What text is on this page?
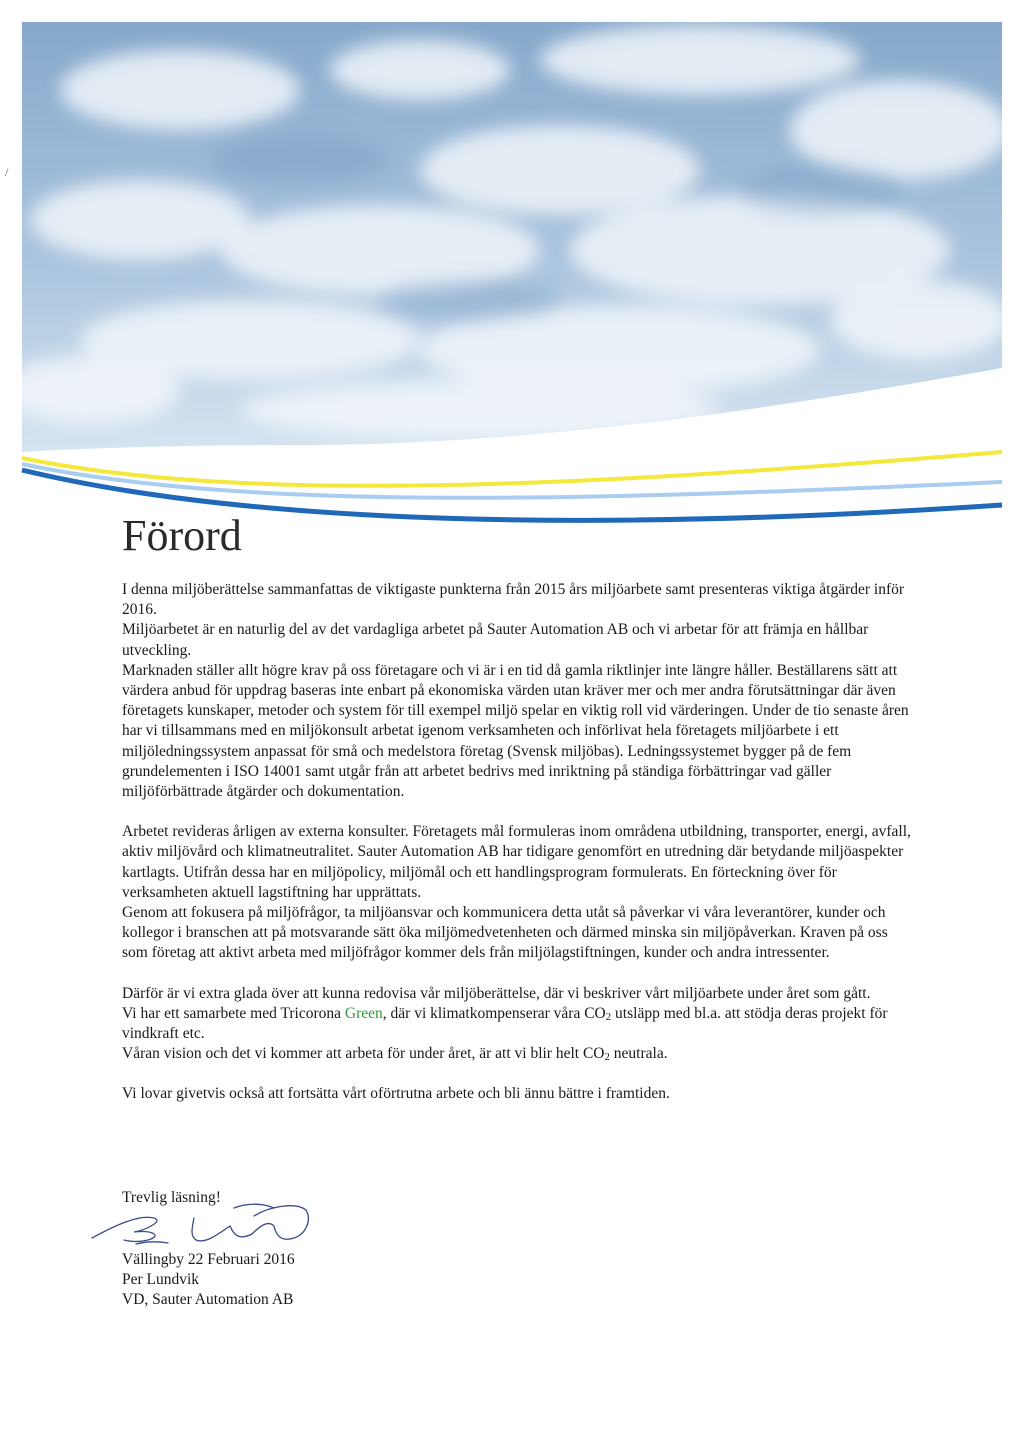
/
Förord

I denna miljöberättelse sammanfattas de viktigaste punkterna från 2015 års miljöarbete samt presenteras viktiga åtgärder inför 2016.

Miljöarbetet är en naturlig del av det vardagliga arbetet på Sauter Automation AB och vi arbetar för att främja en hållbar utveckling.

Marknaden ställer allt högre krav på oss företagare och vi är i en tid då gamla riktlinjer inte längre håller. Beställarens sätt att värdera anbud för uppdrag baseras inte enbart på ekonomiska värden utan kräver mer och mer andra förutsättningar där även företagets kunskaper, metoder och system för till exempel miljö spelar en viktig roll vid värderingen. Under de tio senaste åren har vi tillsammans med en miljökonsult arbetat igenom verksamheten och införlivat hela företagets miljöarbete i ett miljöledningssystem anpassat för små och medelstora företag (Svensk miljöbas). Ledningssystemet bygger på de fem grundelementen i ISO 14001 samt utgår från att arbetet bedrivs med inriktning på ständiga förbättringar vad gäller miljöförbättrade åtgärder och dokumentation.

Arbetet revideras årligen av externa konsulter. Företagets mål formuleras inom områdena utbildning, transporter, energi, avfall, aktiv miljövård och klimatneutralitet. Sauter Automation AB har tidigare genomfört en utredning där betydande miljöaspekter kartlagts. Utifrån dessa har en miljöpolicy, miljömål och ett handlingsprogram formulerats. En förteckning över för verksamheten aktuell lagstiftning har upprättats.

Genom att fokusera på miljöfrågor, ta miljöansvar och kommunicera detta utåt så påverkar vi våra leverantörer, kunder och kollegor i branschen att på motsvarande sätt öka miljömedvetenheten och därmed minska sin miljöpåverkan. Kraven på oss som företag att aktivt arbeta med miljöfrågor kommer dels från miljölagstiftningen, kunder och andra intressenter.

Därför är vi extra glada över att kunna redovisa vår miljöberättelse, där vi beskriver vårt miljöarbete under året som gått.

Vi har ett samarbete med Tricorona Green, där vi klimatkompenserar våra $CO_2$ utsläpp med bl.a. att stödja deras projekt för vindkraft etc.

Våran vision och det vi kommer att arbeta för under året, är att vi blir helt $CO_2$ neutrala.

Vi lovar givetvis också att fortsätta vårt oförtrutna arbete och bli ännu bättre i framtiden.

Trevlig läsning!
Vällingby 22 Februari 2016
Per Lundvik
VD, Sauter Automation AB
